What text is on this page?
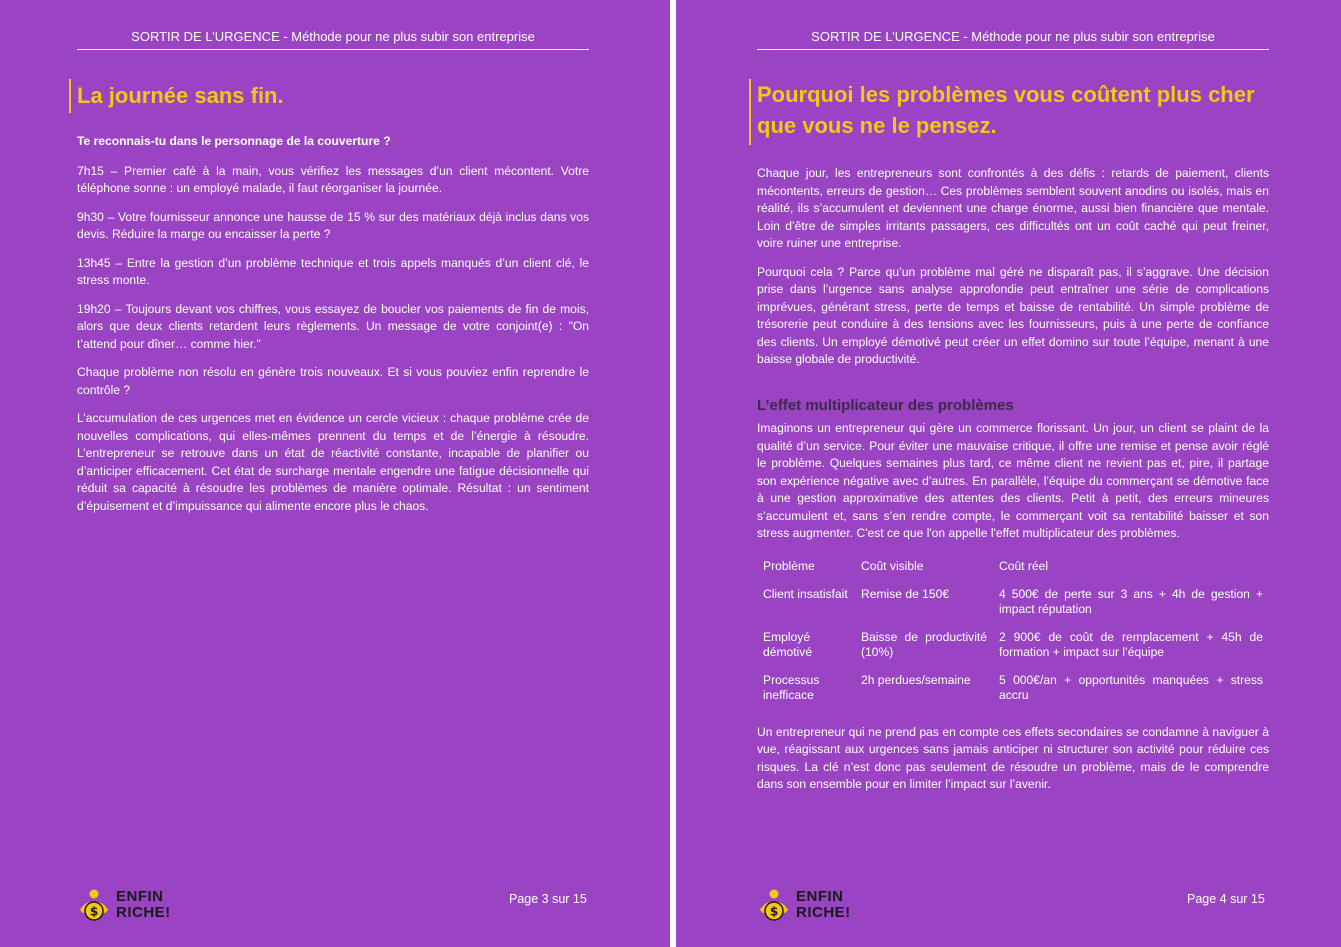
SORTIR DE L’URGENCE - Méthode pour ne plus subir son entreprise
La journée sans fin.

Te reconnais-tu dans le personnage de la couverture ?

7h15 – Premier café à la main, vous vérifiez les messages d’un client mécontent. Votre téléphone sonne : un employé malade, il faut réorganiser la journée.

9h30 – Votre fournisseur annonce une hausse de 15 % sur des matériaux déjà inclus dans vos devis. Réduire la marge ou encaisser la perte ?

13h45 – Entre la gestion d’un problème technique et trois appels manqués d’un client clé, le stress monte.

19h20 – Toujours devant vos chiffres, vous essayez de boucler vos paiements de fin de mois, alors que deux clients retardent leurs règlements. Un message de votre conjoint(e) : "On t’attend pour dîner… comme hier."

Chaque problème non résolu en génère trois nouveaux. Et si vous pouviez enfin reprendre le contrôle ?

L’accumulation de ces urgences met en évidence un cercle vicieux : chaque problème crée de nouvelles complications, qui elles-mêmes prennent du temps et de l’énergie à résoudre. L’entrepreneur se retrouve dans un état de réactivité constante, incapable de planifier ou d’anticiper efficacement. Cet état de surcharge mentale engendre une fatigue décisionnelle qui réduit sa capacité à résoudre les problèmes de manière optimale. Résultat : un sentiment d’épuisement et d’impuissance qui alimente encore plus le chaos.

$
ENFIN
RICHE!
Page 3 sur 15
SORTIR DE L’URGENCE - Méthode pour ne plus subir son entreprise
Pourquoi les problèmes vous coûtent plus cher que vous ne le pensez.

Chaque jour, les entrepreneurs sont confrontés à des défis : retards de paiement, clients mécontents, erreurs de gestion… Ces problèmes semblent souvent anodins ou isolés, mais en réalité, ils s’accumulent et deviennent une charge énorme, aussi bien financière que mentale. Loin d’être de simples irritants passagers, ces difficultés ont un coût caché qui peut freiner, voire ruiner une entreprise.

Pourquoi cela ? Parce qu’un problème mal géré ne disparaît pas, il s’aggrave. Une décision prise dans l’urgence sans analyse approfondie peut entraîner une série de complications imprévues, générant stress, perte de temps et baisse de rentabilité. Un simple problème de trésorerie peut conduire à des tensions avec les fournisseurs, puis à une perte de confiance des clients. Un employé démotivé peut créer un effet domino sur toute l’équipe, menant à une baisse globale de productivité.

L’effet multiplicateur des problèmes

Imaginons un entrepreneur qui gère un commerce florissant. Un jour, un client se plaint de la qualité d’un service. Pour éviter une mauvaise critique, il offre une remise et pense avoir réglé le problème. Quelques semaines plus tard, ce même client ne revient pas et, pire, il partage son expérience négative avec d’autres. En parallèle, l’équipe du commerçant se démotive face à une gestion approximative des attentes des clients. Petit à petit, des erreurs mineures s’accumulent et, sans s’en rendre compte, le commerçant voit sa rentabilité baisser et son stress augmenter. C'est ce que l'on appelle l'effet multiplicateur des problèmes.

Problème	Coût visible	Coût réel
Client insatisfait	Remise de 150€	4 500€ de perte sur 3 ans + 4h de gestion + impact réputation
Employé démotivé	Baisse de productivité (10%)	2 900€ de coût de remplacement + 45h de formation + impact sur l’équipe
Processus inefficace	2h perdues/semaine	5 000€/an + opportunités manquées + stress accru

Un entrepreneur qui ne prend pas en compte ces effets secondaires se condamne à naviguer à vue, réagissant aux urgences sans jamais anticiper ni structurer son activité pour réduire ces risques. La clé n’est donc pas seulement de résoudre un problème, mais de le comprendre dans son ensemble pour en limiter l’impact sur l’avenir.

$
ENFIN
RICHE!
Page 4 sur 15
